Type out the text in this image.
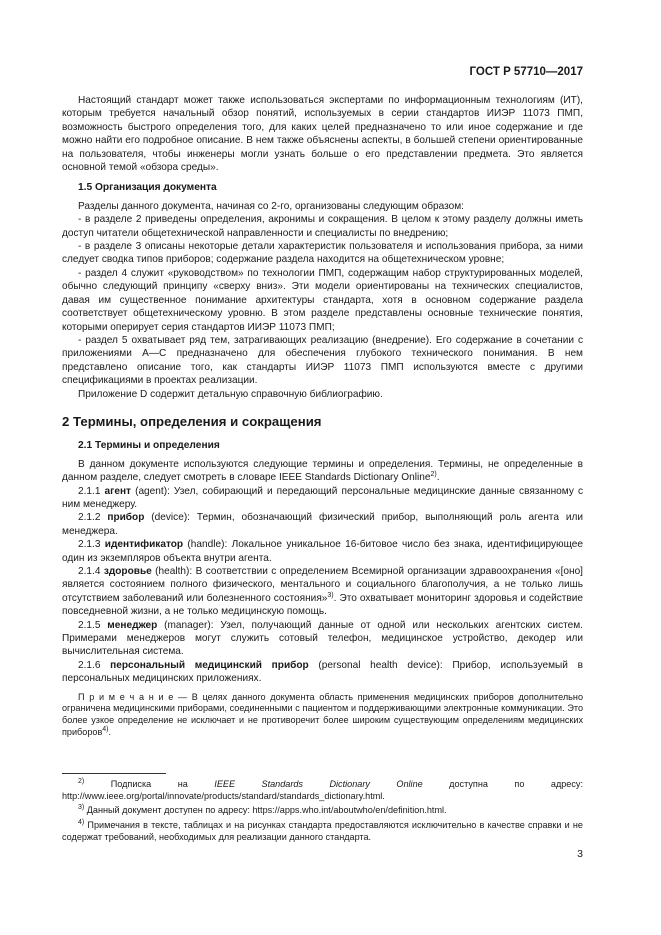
ГОСТ Р 57710—2017

Настоящий стандарт может также использоваться экспертами по информационным технологиям (ИТ), которым требуется начальный обзор понятий, используемых в серии стандартов ИИЭР 11073 ПМП, возможность быстрого определения того, для каких целей предназначено то или иное содержание и где можно найти его подробное описание. В нем также объяснены аспекты, в большей степени ориентированные на пользователя, чтобы инженеры могли узнать больше о его представлении предмета. Это является основной темой «обзора среды».

1.5 Организация документа

Разделы данного документа, начиная со 2-го, организованы следующим образом:

- в разделе 2 приведены определения, акронимы и сокращения. В целом к этому разделу должны иметь доступ читатели общетехнической направленности и специалисты по внедрению;

- в разделе 3 описаны некоторые детали характеристик пользователя и использования прибора, за ними следует сводка типов приборов; содержание раздела находится на общетехническом уровне;

- раздел 4 служит «руководством» по технологии ПМП, содержащим набор структурированных моделей, обычно следующий принципу «сверху вниз». Эти модели ориентированы на технических специалистов, давая им существенное понимание архитектуры стандарта, хотя в основном содержание раздела соответствует общетехническому уровню. В этом разделе представлены основные технические понятия, которыми оперирует серия стандартов ИИЭР 11073 ПМП;

- раздел 5 охватывает ряд тем, затрагивающих реализацию (внедрение). Его содержание в сочетании с приложениями А—С предназначено для обеспечения глубокого технического понимания. В нем представлено описание того, как стандарты ИИЭР 11073 ПМП используются вместе с другими спецификациями в проектах реализации.

Приложение D содержит детальную справочную библиографию.

2 Термины, определения и сокращения
2.1 Термины и определения

В данном документе используются следующие термины и определения. Термины, не определенные в данном разделе, следует смотреть в словаре IEEE Standards Dictionary Online$^{2)}$.

2.1.1 агент (agent): Узел, собирающий и передающий персональные медицинские данные связанному с ним менеджеру.

2.1.2 прибор (device): Термин, обозначающий физический прибор, выполняющий роль агента или менеджера.

2.1.3 идентификатор (handle): Локальное уникальное 16-битовое число без знака, идентифицирующее один из экземпляров объекта внутри агента.

2.1.4 здоровье (health): В соответствии с определением Всемирной организации здравоохранения «[оно] является состоянием полного физического, ментального и социального благополучия, а не только лишь отсутствием заболеваний или болезненного состояния»$^{3)}$. Это охватывает мониторинг здоровья и содействие повседневной жизни, а не только медицинскую помощь.

2.1.5 менеджер (manager): Узел, получающий данные от одной или нескольких агентских систем. Примерами менеджеров могут служить сотовый телефон, медицинское устройство, декодер или вычислительная система.

2.1.6 персональный медицинский прибор (personal health device): Прибор, используемый в персональных медицинских приложениях.

П р и м е ч а н и е — В целях данного документа область применения медицинских приборов дополнительно ограничена медицинскими приборами, соединенными с пациентом и поддерживающими электронные коммуникации. Это более узкое определение не исключает и не противоречит более широким существующим определениям медицинских приборов$^{4)}$.

$^{2)}$ Подписка на IEEE Standards Dictionary Online доступна по адресу: http://www.ieee.org/portal/innovate/products/standard/standards_dictionary.html.

$^{3)}$ Данный документ доступен по адресу: https://apps.who.int/aboutwho/en/definition.html.

$^{4)}$ Примечания в тексте, таблицах и на рисунках стандарта предоставляются исключительно в качестве справки и не содержат требований, необходимых для реализации данного стандарта.

3
